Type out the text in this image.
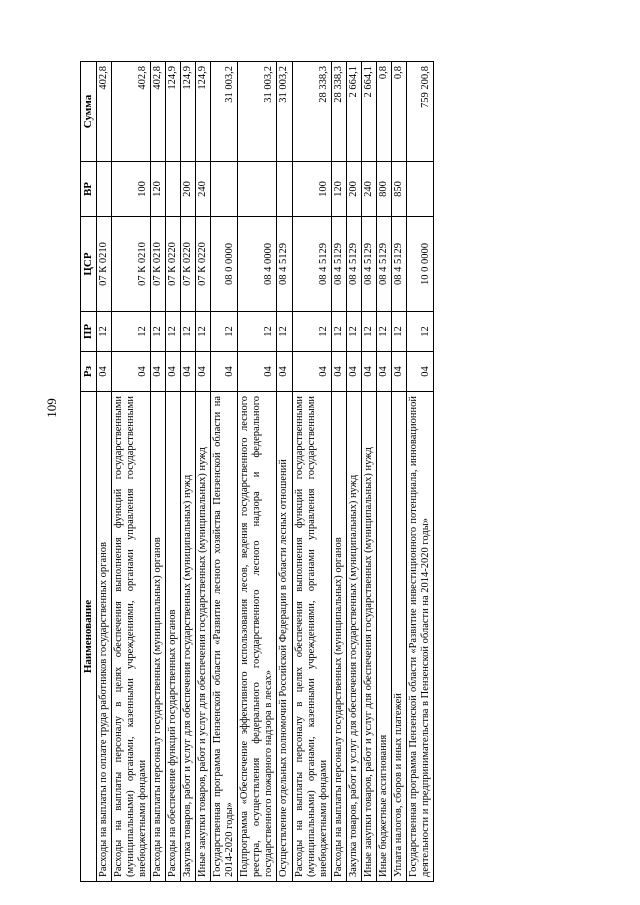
109
Наименование	Рз	ПР	ЦСР	ВР	Сумма
Расходы на выплаты по оплате труда работников государственных органов	04	12	07 К 0210		402,8
Расходы на выплаты персоналу в целях обеспечения выполнения функций государственными (муниципальными) органами, казенными учреждениями, органами управления государственными внебюджетными фондами	04	12	07 К 0210	100	402,8
Расходы на выплаты персоналу государственных (муниципальных) органов	04	12	07 К 0210	120	402,8
Расходы на обеспечение функций государственных органов	04	12	07 К 0220		124,9
Закупка товаров, работ и услуг для обеспечения государственных (муниципальных) нужд	04	12	07 К 0220	200	124,9
Иные закупки товаров, работ и услуг для обеспечения государственных (муниципальных) нужд	04	12	07 К 0220	240	124,9
Государственная программа Пензенской области «Развитие лесного хозяйства Пензенской области на 2014-2020 годы»	04	12	08 0 0000		31 003,2
Подпрограмма «Обеспечение эффективного использования лесов, ведения государственного лесного реестра, осуществления федерального государственного лесного надзора и федерального государственного пожарного надзора в лесах»	04	12	08 4 0000		31 003,2
Осуществление отдельных полномочий Российской Федерации в области лесных отношений	04	12	08 4 5129		31 003,2
Расходы на выплаты персоналу в целях обеспечения выполнения функций государственными (муниципальными) органами, казенными учреждениями, органами управления государственными внебюджетными фондами	04	12	08 4 5129	100	28 338,3
Расходы на выплаты персоналу государственных (муниципальных) органов	04	12	08 4 5129	120	28 338,3
Закупка товаров, работ и услуг для обеспечения государственных (муниципальных) нужд	04	12	08 4 5129	200	2 664,1
Иные закупки товаров, работ и услуг для обеспечения государственных (муниципальных) нужд	04	12	08 4 5129	240	2 664,1
Иные бюджетные ассигнования	04	12	08 4 5129	800	0,8
Уплата налогов, сборов и иных платежей	04	12	08 4 5129	850	0,8
Государственная программа Пензенской области «Развитие инвестиционного потенциала, инновационной деятельности и предпринимательства в Пензенской области на 2014-2020 годы»	04	12	10 0 0000		759 200,8
